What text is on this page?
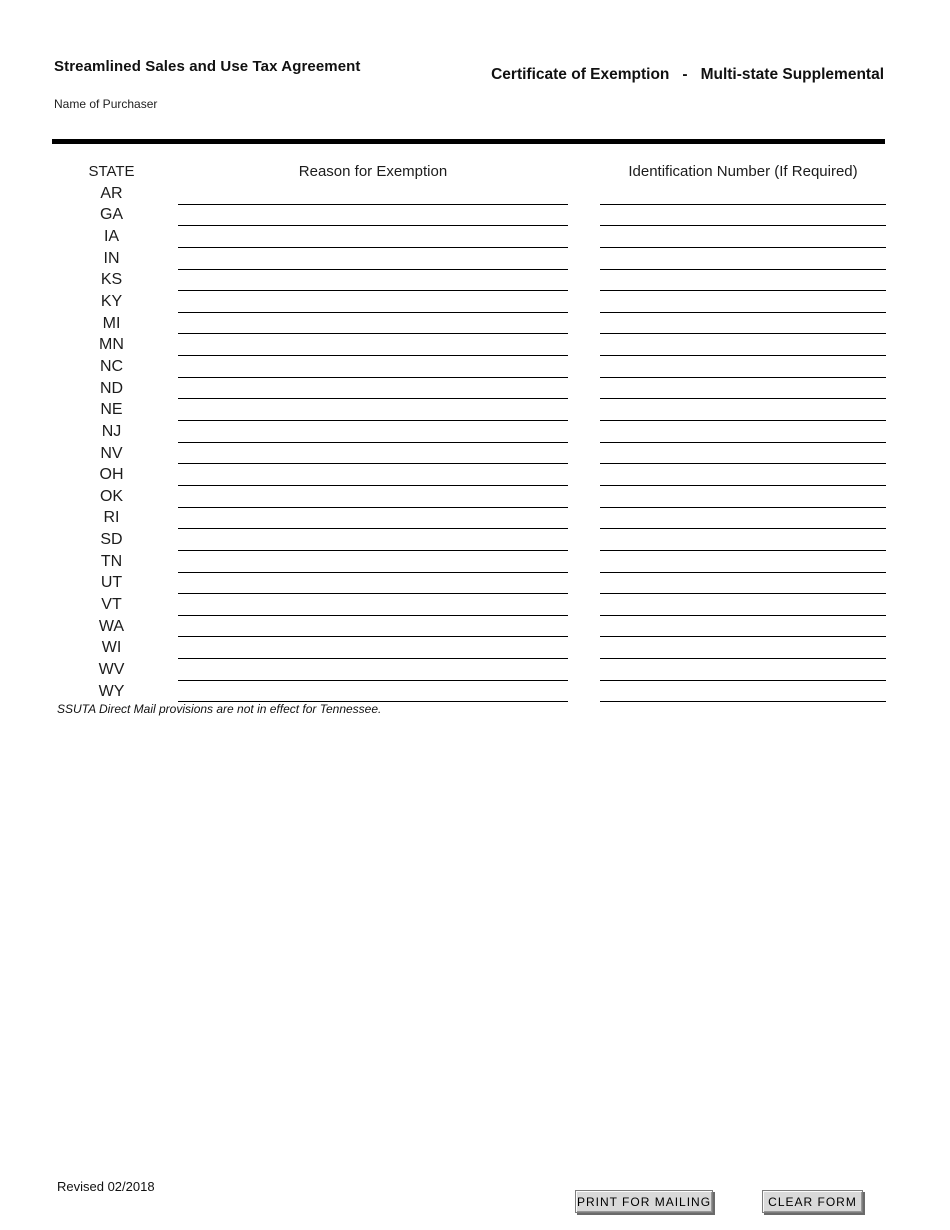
Streamlined Sales and Use Tax Agreement
Name of Purchaser
Certificate of Exemption - Multi-state Supplemental
STATE	Reason for Exemption	Identification Number (If Required)
AR
GA
IA
IN
KS
KY
MI
MN
NC
ND
NE
NJ
NV
OH
OK
RI
SD
TN
UT
VT
WA
WI
WV
WY
SSUTA Direct Mail provisions are not in effect for Tennessee.
Revised 02/2018
PRINT FOR MAILING	CLEAR FORM
